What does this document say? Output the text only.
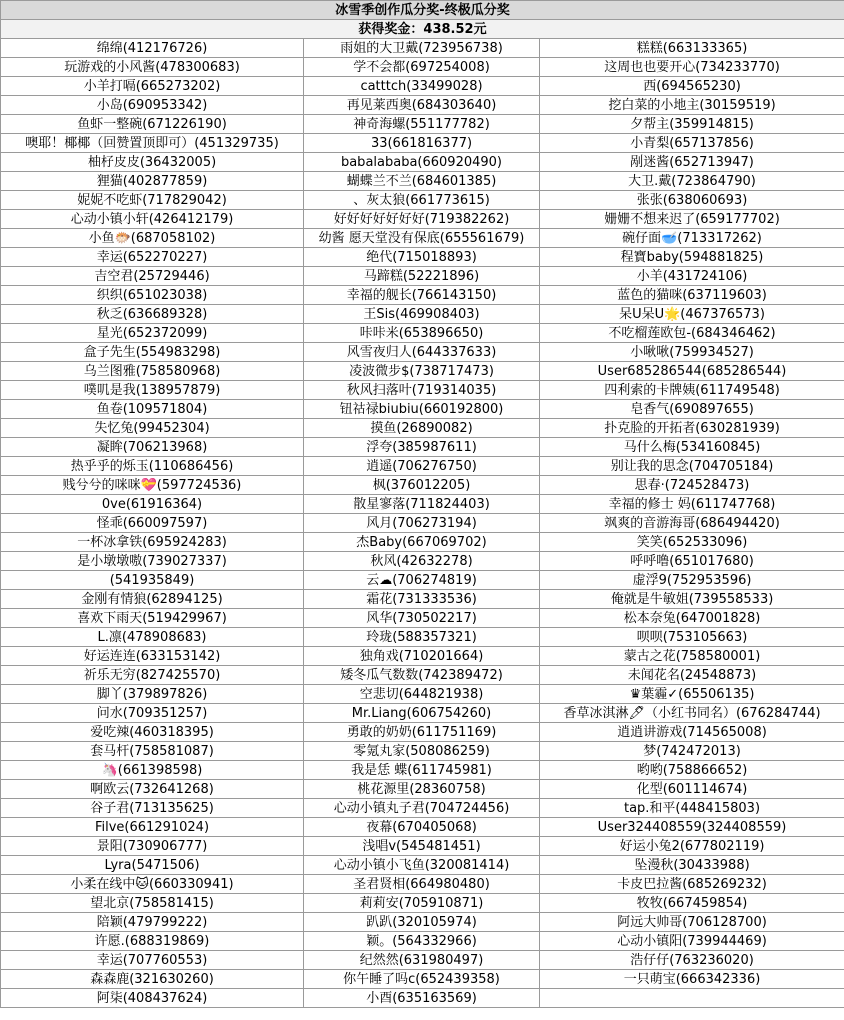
冰雪季创作瓜分奖-终极瓜分奖		
获得奖金：438.52元		
绵绵(412176726)	雨姐的大卫戴(723956738)	糕糕(663133365)
玩游戏的小风酱(478300683)	学不会都(697254008)	这周也也要开心(734233770)
小羊打嗝(665273202)	catttch(33499028)	西(694565230)
小岛(690953342)	再见莱西奥(684303640)	挖白菜的小地主(30159519)
鱼虾一整碗(671226190)	神奇海螺(551177782)	夕帮主(359914815)
噢耶！椰椰（回赞置顶即可）(451329735)	33(661816377)	小青梨(657137856)
柚杍皮皮(36432005)	babalababa(660920490)	剐迷酱(652713947)
狸猫(402877859)	蝴蝶兰不兰(684601385)	大卫.戴(723864790)
妮妮不吃虾(717829042)	、灰太狼(661773615)	张张(638060693)
心动小镇小轩(426412179)	好好好好好好好(719382262)	姗姗不想来迟了(659177702)
小鱼🐡(687058102)	幼酱 愿天堂没有保底(655561679)	碗仔面🥣(713317262)
幸运(652270227)	绝代(715018893)	程寶baby(594881825)
吉空君(25729446)	马蹄糕(52221896)	小羊(431724106)
织织(651023038)	幸福的舰长(766143150)	蓝色的猫咪(637119603)
秋乏(636689328)	王Sis(469908403)	呆U呆U🌟(467376573)
星光(652372099)	咔咔米(653896650)	不吃榴莲欧包-(684346462)
盒子先生(554983298)	风雪夜归人(644337633)	小啾啾(759934527)
乌兰图雅(758580968)	凌波微步$(738717473)	User685286544(685286544)
噗叽是我(138957879)	秋风扫落叶(719314035)	四利索的卡牌姨(611749548)
鱼卷(109571804)	钮祜禄biubiu(660192800)	皂香气(690897655)
失忆兔(99452304)	摸鱼(26890082)	扑克脸的开拓者(630281939)
凝眸(706213968)	浮夸(385987611)	马什么梅(534160845)
热乎乎的烁玉(110686456)	逍遥(706276750)	别让我的思念(704705184)
贱兮兮的咪咪💝(597724536)	枫(376012205)	思春·(724528473)
0ve(61916364)	散星寥落(711824403)	幸福的修士 妈(611747768)
怪乖(660097597)	风月(706273194)	飒爽的音游海哥(686494420)
一杯冰拿铁(695924283)	杰Baby(667069702)	笑笑(652533096)
是小墩墩嗷(739027337)	秋风(42632278)	呼呼噜(651017680)
(541935849)	云☁(706274819)	虚浮9(752953596)
金刚有情狼(62894125)	霜花(731333536)	俺就是牛敏姐(739558533)
喜欢下雨天(519429967)	风华(730502217)	松本奈兔(647001828)
L.凛(478908683)	玲珑(588357321)	呗呗(753105663)
好运连连(633153142)	独角戏(710201664)	蒙古之花(758580001)
祈乐无穷(827425570)	矮冬瓜气数数(742389472)	未闻花名(24548873)
脚丫(379897826)	空悲切(644821938)	♛葉霾✓(65506135)
问水(709351257)	Mr.Liang(606754260)	香草冰淇淋🖊（小红书同名）(676284744)
爱吃辣(460318395)	勇敢的奶奶(611751169)	逍逍讲游戏(714565008)
套马杆(758581087)	零氪丸家(508086259)	梦(742472013)
🦄(661398598)	我是恁 蝶(611745981)	哟哟(758866652)
啊欧云(732641268)	桃花源里(28360758)	化型(601114674)
谷子君(713135625)	心动小镇丸子君(704724456)	tap.和平(448415803)
Filve(661291024)	夜幕(670405068)	User324408559(324408559)
景阳(730906777)	浅唱v(545481451)	好运小兔2(677802119)
Lyra(5471506)	心动小镇小飞鱼(320081414)	坠漫秋(30433988)
小柔在线中🐱(660330941)	圣君贤相(664980480)	卡皮巴拉酱(685269232)
望北京(758581415)	莉莉安(705910871)	牧牧(667459854)
陪颖(479799222)	趴趴(320105974)	阿远大帅哥(706128700)
许愿.(688319869)	颖。(564332966)	心动小镇阳(739944469)
幸运(707760553)	纪然然(631980497)	浩仔仔(763236020)
森森鹿(321630260)	你午睡了吗c(652439358)	一只萌宝(666342336)
阿柒(408437624)	小酉(635163569)	
